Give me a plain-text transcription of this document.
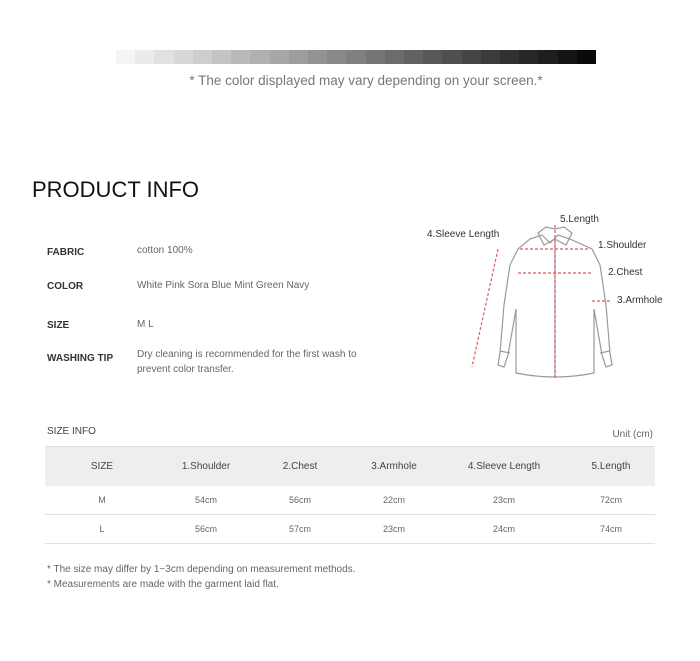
* The color displayed may vary depending on your screen.*
PRODUCT INFO
FABRIC	cotton 100%
COLOR	White Pink Sora Blue Mint Green Navy
SIZE	M L
WASHING TIP Dry cleaning is recommended for the first wash to
prevent color transfer.
5.Length
4.Sleeve Length
1.Shoulder
2.Chest
3.Armhole
SIZE INFO	Unit (cm)
SIZE	1.Shoulder	2.Chest	3.Armhole	4.Sleeve Length	5.Length
M	54cm	56cm	22cm	23cm	72cm
L	56cm	57cm	23cm	24cm	74cm
* The size may differ by 1~3cm depending on measurement methods.
* Measurements are made with the garment laid flat.
